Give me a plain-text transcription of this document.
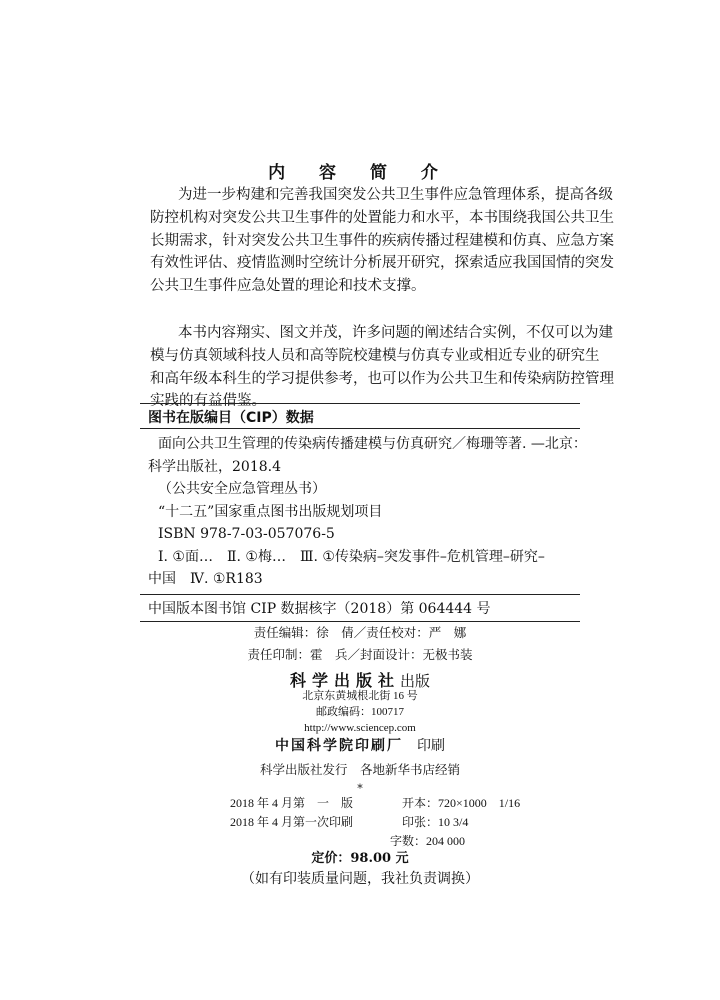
内 容 简 介
为进一步构建和完善我国突发公共卫生事件应急管理体系，提高各级
防控机构对突发公共卫生事件的处置能力和水平，本书围绕我国公共卫生
长期需求，针对突发公共卫生事件的疾病传播过程建模和仿真、应急方案
有效性评估、疫情监测时空统计分析展开研究，探索适应我国国情的突发
公共卫生事件应急处置的理论和技术支撑。
本书内容翔实、图文并茂，许多问题的阐述结合实例，不仅可以为建
模与仿真领域科技人员和高等院校建模与仿真专业或相近专业的研究生
和高年级本科生的学习提供参考，也可以作为公共卫生和传染病防控管理
实践的有益借鉴。
图书在版编目（CIP）数据
面向公共卫生管理的传染病传播建模与仿真研究／梅珊等著. —北京：
科学出版社，2018.4
（公共安全应急管理丛书）
“十二五”国家重点图书出版规划项目
ISBN 978-7-03-057076-5
Ⅰ. ①面…　Ⅱ. ①梅…　Ⅲ. ①传染病–突发事件–危机管理–研究–
中国　Ⅳ. ①R183
中国版本图书馆 CIP 数据核字（2018）第 064444 号
责任编辑：徐　倩／责任校对：严　娜
责任印制：霍　兵／封面设计：无极书装
科学出版社出版
北京东黄城根北街 16 号
邮政编码：100717
http://www.sciencep.com
中国科学院印刷厂　 印刷
科学出版社发行　各地新华书店经销
*
2018 年 4 月第　一　版	开本：720×1000　1/16
2018 年 4 月第一次印刷	印张：10 3/4
	字数：204 000
定价：98.00 元
（如有印装质量问题，我社负责调换）
